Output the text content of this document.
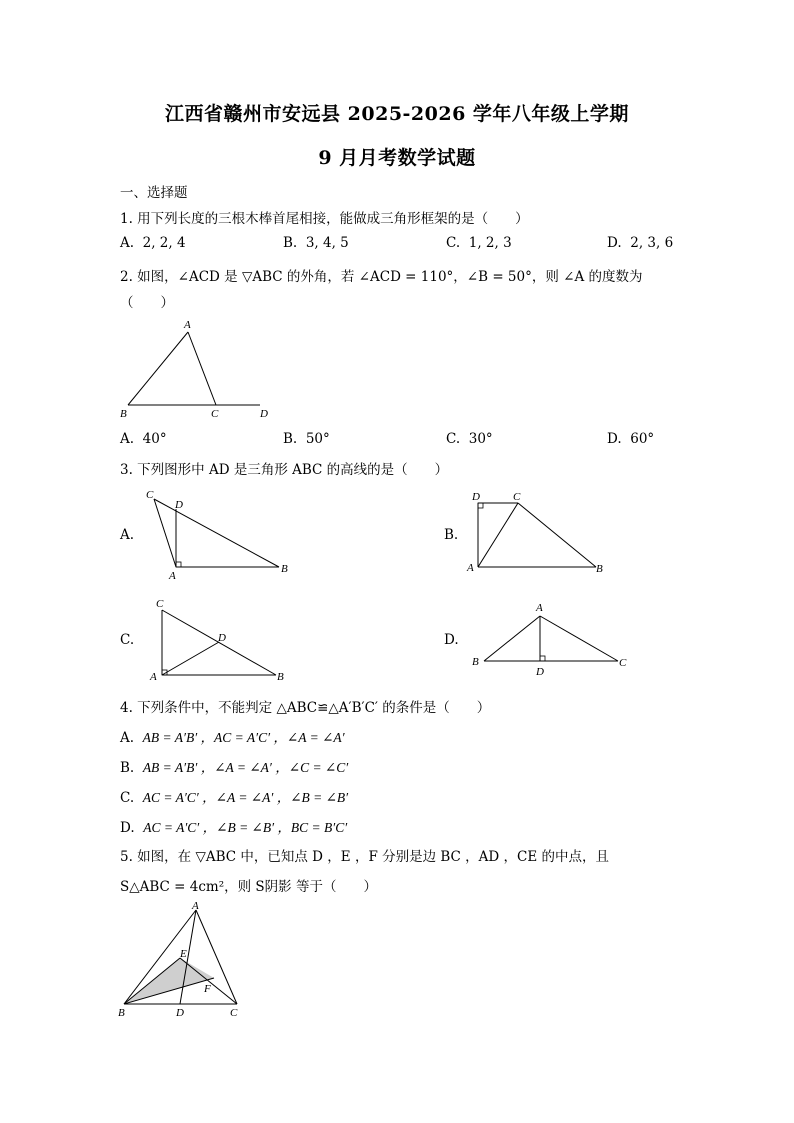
江西省赣州市安远县 2025-2026 学年八年级上学期
9 月月考数学试题
一、选择题
1. 用下列长度的三根木棒首尾相接，能做成三角形框架的是（　　）
A. 2, 2, 4	B. 3, 4, 5	C. 1, 2, 3	D. 2, 3, 6
2. 如图，∠ACD 是 ▽ABC 的外角，若 ∠ACD = 110°，∠B = 50°，则 ∠A 的度数为
（　　）
A
B	C	D
A. 40°	B. 50°	C. 30°	D. 60°
3. 下列图形中 AD 是三角形 ABC 的高线的是（　　）
A.
C
D
A
B
B.
D	C
A	B
C.
C
D
A	B
D.
A
B	C
D
4. 下列条件中，不能判定 △ABC≌△A′B′C′ 的条件是（　　）
A. AB = A′B′ ，AC = A′C′ ，∠A = ∠A′
B. AB = A′B′ ，∠A = ∠A′ ，∠C = ∠C′
C. AC = A′C′ ，∠A = ∠A′ ，∠B = ∠B′
D. AC = A′C′ ，∠B = ∠B′ ，BC = B′C′
5. 如图，在 ▽ABC 中，已知点 D ，E ，F 分别是边 BC ，AD ，CE 的中点，且
S△ABC = 4cm²，则 S阴影 等于（　　）
A
E
F
B	D	C
